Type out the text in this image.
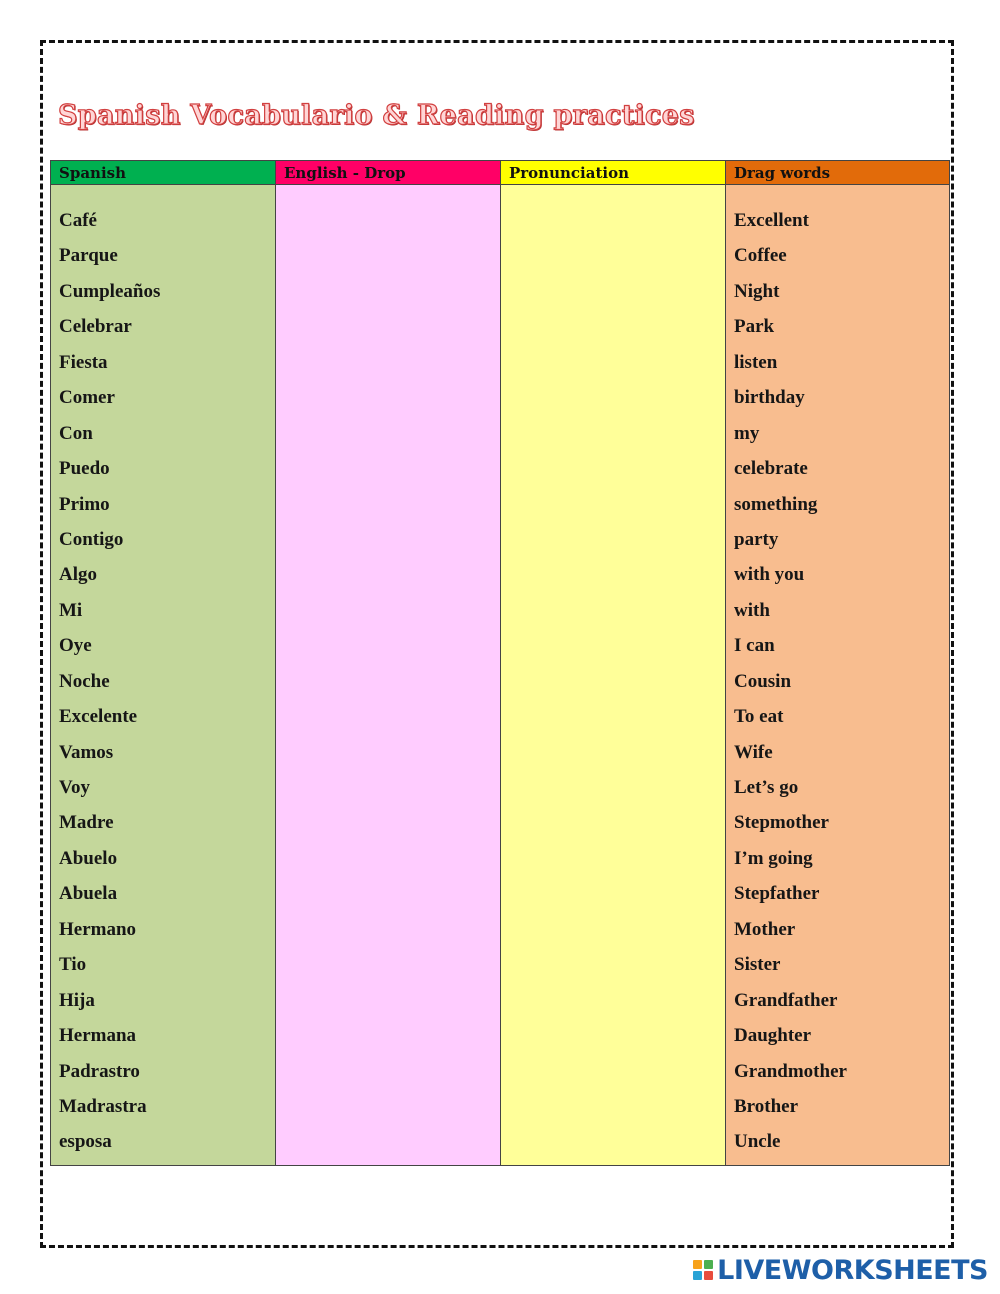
Spanish Vocabulario & Reading practices
Spanish
Café
Parque
Cumpleaños
Celebrar
Fiesta
Comer
Con
Puedo
Primo
Contigo
Algo
Mi
Oye
Noche
Excelente
Vamos
Voy
Madre
Abuelo
Abuela
Hermano
Tio
Hija
Hermana
Padrastro
Madrastra
esposa
English - Drop	Pronunciation	Drag words
Excellent
Coffee
Night
Park
listen
birthday
my
celebrate
something
party
with you
with
I can
Cousin
To eat
Wife
Let’s go
Stepmother
I’m going
Stepfather
Mother
Sister
Grandfather
Daughter
Grandmother
Brother
Uncle
LIVEWORKSHEETS
